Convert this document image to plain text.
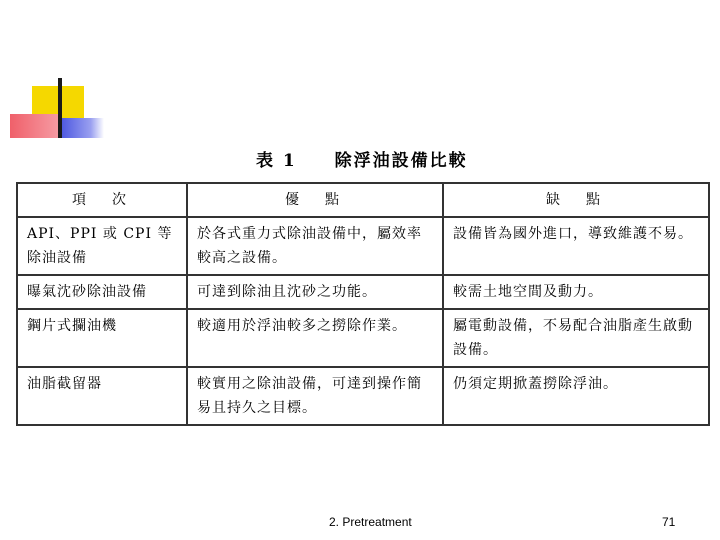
表 1 除浮油設備比較
項　次	優　點	缺　點
API、PPI 或 CPI 等除油設備	於各式重力式除油設備中，屬效率較高之設備。	設備皆為國外進口，導致維護不易。
曝氣沈砂除油設備	可達到除油且沈砂之功能。	較需土地空間及動力。
鋼片式攔油機	較適用於浮油較多之撈除作業。	屬電動設備，不易配合油脂產生啟動設備。
油脂截留器	較實用之除油設備，可達到操作簡易且持久之目標。	仍須定期掀蓋撈除浮油。
2. Pretreatment	71
